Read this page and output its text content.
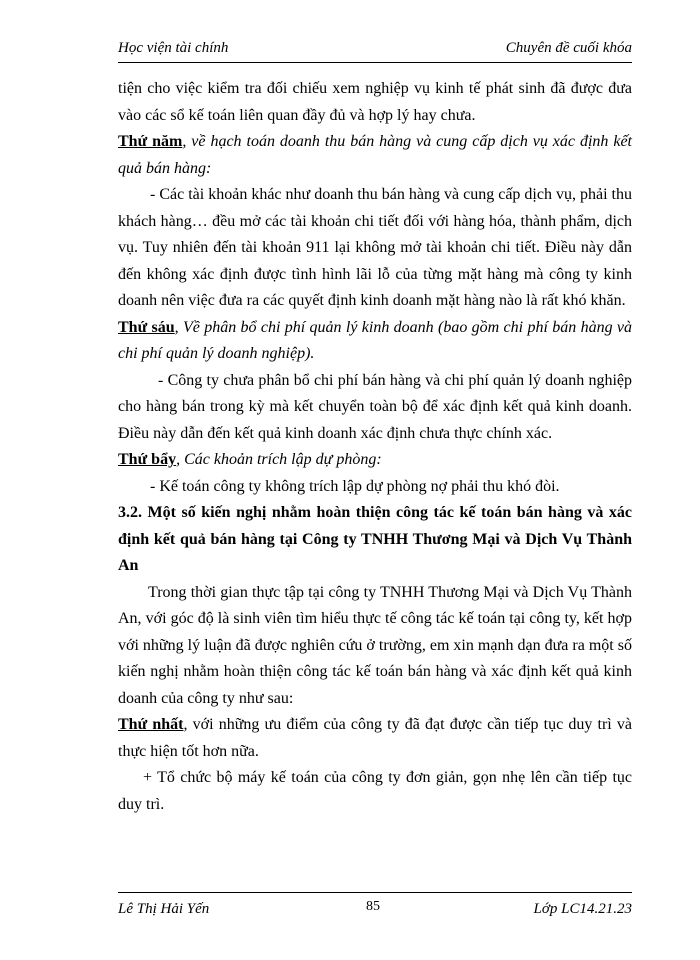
Học viện tài chính	Chuyên đề cuối khóa

tiện cho việc kiểm tra đối chiếu xem nghiệp vụ kinh tế phát sinh đã được đưa vào các sổ kế toán liên quan đầy đủ và hợp lý hay chưa.

Thứ năm, về hạch toán doanh thu bán hàng và cung cấp dịch vụ xác định kết quả bán hàng:

- Các tài khoản khác như doanh thu bán hàng và cung cấp dịch vụ, phải thu khách hàng… đều mở các tài khoản chi tiết đối với hàng hóa, thành phẩm, dịch vụ. Tuy nhiên đến tài khoản 911 lại không mở tài khoản chi tiết. Điều này dẫn đến không xác định được tình hình lãi lỗ của từng mặt hàng mà công ty kinh doanh nên việc đưa ra các quyết định kinh doanh mặt hàng nào là rất khó khăn.

Thứ sáu, Về phân bổ chi phí quản lý kinh doanh (bao gồm chi phí bán hàng và chi phí quản lý doanh nghiệp).

- Công ty chưa phân bổ chi phí bán hàng và chi phí quản lý doanh nghiệp cho hàng bán trong kỳ mà kết chuyển toàn bộ để xác định kết quả kinh doanh. Điều này dẫn đến kết quả kinh doanh xác định chưa thực chính xác.

Thứ bẩy, Các khoản trích lập dự phòng:

- Kế toán công ty không trích lập dự phòng nợ phải thu khó đòi.

3.2. Một số kiến nghị nhằm hoàn thiện công tác kế toán bán hàng và xác định kết quả bán hàng tại Công ty TNHH Thương Mại và Dịch Vụ Thành An

Trong thời gian thực tập tại công ty TNHH Thương Mại và Dịch Vụ Thành An, với góc độ là sinh viên tìm hiểu thực tế công tác kế toán tại công ty, kết hợp với những lý luận đã được nghiên cứu ở trường, em xin mạnh dạn đưa ra một số kiến nghị nhằm hoàn thiện công tác kế toán bán hàng và xác định kết quả kinh doanh của công ty như sau:

Thứ nhất, với những ưu điểm của công ty đã đạt được cần tiếp tục duy trì và thực hiện tốt hơn nữa.

+ Tổ chức bộ máy kế toán của công ty đơn giản, gọn nhẹ lên cần tiếp tục duy trì.

Lê Thị Hải Yến	85	Lớp LC14.21.23
